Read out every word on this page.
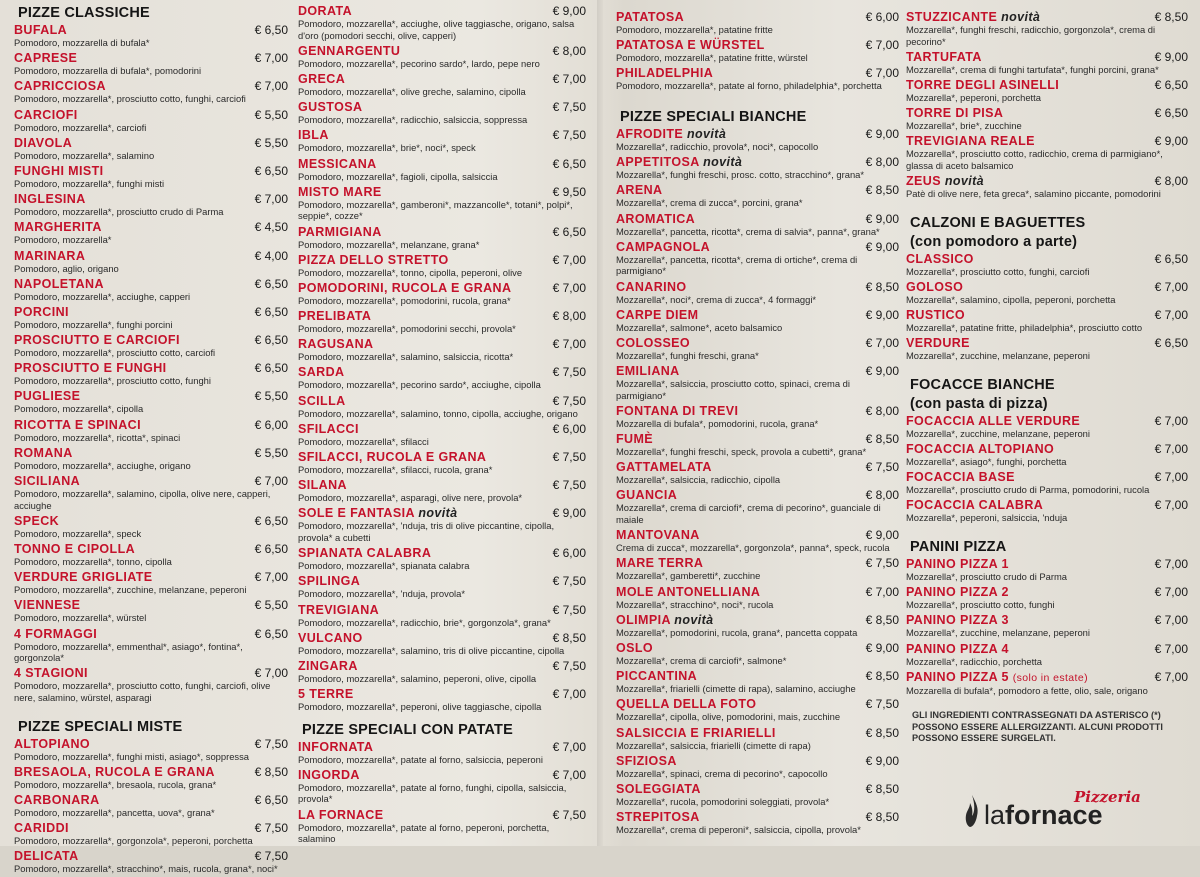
PIZZE CLASSICHE
BUFALA	€ 6,50
Pomodoro, mozzarella di bufala*
CAPRESE	€ 7,00
Pomodoro, mozzarella di bufala*, pomodorini
CAPRICCIOSA	€ 7,00
Pomodoro, mozzarella*, prosciutto cotto, funghi, carciofi
CARCIOFI	€ 5,50
Pomodoro, mozzarella*, carciofi
DIAVOLA	€ 5,50
Pomodoro, mozzarella*, salamino
FUNGHI MISTI	€ 6,50
Pomodoro, mozzarella*, funghi misti
INGLESINA	€ 7,00
Pomodoro, mozzarella*, prosciutto crudo di Parma
MARGHERITA	€ 4,50
Pomodoro, mozzarella*
MARINARA	€ 4,00
Pomodoro, aglio, origano
NAPOLETANA	€ 6,50
Pomodoro, mozzarella*, acciughe, capperi
PORCINI	€ 6,50
Pomodoro, mozzarella*, funghi porcini
PROSCIUTTO E CARCIOFI	€ 6,50
Pomodoro, mozzarella*, prosciutto cotto, carciofi
PROSCIUTTO E FUNGHI	€ 6,50
Pomodoro, mozzarella*, prosciutto cotto, funghi
PUGLIESE	€ 5,50
Pomodoro, mozzarella*, cipolla
RICOTTA E SPINACI	€ 6,00
Pomodoro, mozzarella*, ricotta*, spinaci
ROMANA	€ 5,50
Pomodoro, mozzarella*, acciughe, origano
SICILIANA	€ 7,00
Pomodoro, mozzarella*, salamino, cipolla, olive nere, capperi, acciughe
SPECK	€ 6,50
Pomodoro, mozzarella*, speck
TONNO E CIPOLLA	€ 6,50
Pomodoro, mozzarella*, tonno, cipolla
VERDURE GRIGLIATE	€ 7,00
Pomodoro, mozzarella*, zucchine, melanzane, peperoni
VIENNESE	€ 5,50
Pomodoro, mozzarella*, würstel
4 FORMAGGI	€ 6,50
Pomodoro, mozzarella*, emmenthal*, asiago*, fontina*, gorgonzola*
4 STAGIONI	€ 7,00
Pomodoro, mozzarella*, prosciutto cotto, funghi, carciofi, olive nere, salamino, würstel, asparagi
PIZZE SPECIALI MISTE
ALTOPIANO	€ 7,50
Pomodoro, mozzarella*, funghi misti, asiago*, soppressa
BRESAOLA, RUCOLA E GRANA	€ 8,50
Pomodoro, mozzarella*, bresaola, rucola, grana*
CARBONARA	€ 6,50
Pomodoro, mozzarella*, pancetta, uova*, grana*
CARIDDI	€ 7,50
Pomodoro, mozzarella*, gorgonzola*, peperoni, porchetta
DELICATA	€ 7,50
Pomodoro, mozzarella*, stracchino*, mais, rucola, grana*, noci*
DORATA	€ 9,00
Pomodoro, mozzarella*, acciughe, olive taggiasche, origano, salsa d'oro (pomodori secchi, olive, capperi)
GENNARGENTU	€ 8,00
Pomodoro, mozzarella*, pecorino sardo*, lardo, pepe nero
GRECA	€ 7,00
Pomodoro, mozzarella*, olive greche, salamino, cipolla
GUSTOSA	€ 7,50
Pomodoro, mozzarella*, radicchio, salsiccia, soppressa
IBLA	€ 7,50
Pomodoro, mozzarella*, brie*, noci*, speck
MESSICANA	€ 6,50
Pomodoro, mozzarella*, fagioli, cipolla, salsiccia
MISTO MARE	€ 9,50
Pomodoro, mozzarella*, gamberoni*, mazzancolle*, totani*, polpi*, seppie*, cozze*
PARMIGIANA	€ 6,50
Pomodoro, mozzarella*, melanzane, grana*
PIZZA DELLO STRETTO	€ 7,00
Pomodoro, mozzarella*, tonno, cipolla, peperoni, olive
POMODORINI, RUCOLA E GRANA	€ 7,00
Pomodoro, mozzarella*, pomodorini, rucola, grana*
PRELIBATA	€ 8,00
Pomodoro, mozzarella*, pomodorini secchi, provola*
RAGUSANA	€ 7,00
Pomodoro, mozzarella*, salamino, salsiccia, ricotta*
SARDA	€ 7,50
Pomodoro, mozzarella*, pecorino sardo*, acciughe, cipolla
SCILLA	€ 7,50
Pomodoro, mozzarella*, salamino, tonno, cipolla, acciughe, origano
SFILACCI	€ 6,00
Pomodoro, mozzarella*, sfilacci
SFILACCI, RUCOLA E GRANA	€ 7,50
Pomodoro, mozzarella*, sfilacci, rucola, grana*
SILANA	€ 7,50
Pomodoro, mozzarella*, asparagi, olive nere, provola*
SOLE E FANTASIA novità	€ 9,00
Pomodoro, mozzarella*, 'nduja, tris di olive piccantine, cipolla, provola* a cubetti
SPIANATA CALABRA	€ 6,00
Pomodoro, mozzarella*, spianata calabra
SPILINGA	€ 7,50
Pomodoro, mozzarella*, 'nduja, provola*
TREVIGIANA	€ 7,50
Pomodoro, mozzarella*, radicchio, brie*, gorgonzola*, grana*
VULCANO	€ 8,50
Pomodoro, mozzarella*, salamino, tris di olive piccantine, cipolla
ZINGARA	€ 7,50
Pomodoro, mozzarella*, salamino, peperoni, olive, cipolla
5 TERRE	€ 7,00
Pomodoro, mozzarella*, peperoni, olive taggiasche, cipolla
PIZZE SPECIALI CON PATATE
INFORNATA	€ 7,00
Pomodoro, mozzarella*, patate al forno, salsiccia, peperoni
INGORDA	€ 7,00
Pomodoro, mozzarella*, patate al forno, funghi, cipolla, salsiccia, provola*
LA FORNACE	€ 7,50
Pomodoro, mozzarella*, patate al forno, peperoni, porchetta, salamino
PATATOSA	€ 6,00
Pomodoro, mozzarella*, patatine fritte
PATATOSA E WÜRSTEL	€ 7,00
Pomodoro, mozzarella*, patatine fritte, würstel
PHILADELPHIA	€ 7,00
Pomodoro, mozzarella*, patate al forno, philadelphia*, porchetta
PIZZE SPECIALI BIANCHE
AFRODITE novità	€ 9,00
Mozzarella*, radicchio, provola*, noci*, capocollo
APPETITOSA novità	€ 8,00
Mozzarella*, funghi freschi, prosc. cotto, stracchino*, grana*
ARENA	€ 8,50
Mozzarella*, crema di zucca*, porcini, grana*
AROMATICA	€ 9,00
Mozzarella*, pancetta, ricotta*, crema di salvia*, panna*, grana*
CAMPAGNOLA	€ 9,00
Mozzarella*, pancetta, ricotta*, crema di ortiche*, crema di parmigiano*
CANARINO	€ 8,50
Mozzarella*, noci*, crema di zucca*, 4 formaggi*
CARPE DIEM	€ 9,00
Mozzarella*, salmone*, aceto balsamico
COLOSSEO	€ 7,00
Mozzarella*, funghi freschi, grana*
EMILIANA	€ 9,00
Mozzarella*, salsiccia, prosciutto cotto, spinaci, crema di parmigiano*
FONTANA DI TREVI	€ 8,00
Mozzarella di bufala*, pomodorini, rucola, grana*
FUMÈ	€ 8,50
Mozzarella*, funghi freschi, speck, provola a cubetti*, grana*
GATTAMELATA	€ 7,50
Mozzarella*, salsiccia, radicchio, cipolla
GUANCIA	€ 8,00
Mozzarella*, crema di carciofi*, crema di pecorino*, guanciale di maiale
MANTOVANA	€ 9,00
Crema di zucca*, mozzarella*, gorgonzola*, panna*, speck, rucola
MARE TERRA	€ 7,50
Mozzarella*, gamberetti*, zucchine
MOLE ANTONELLIANA	€ 7,00
Mozzarella*, stracchino*, noci*, rucola
OLIMPIA novità	€ 8,50
Mozzarella*, pomodorini, rucola, grana*, pancetta coppata
OSLO	€ 9,00
Mozzarella*, crema di carciofi*, salmone*
PICCANTINA	€ 8,50
Mozzarella*, friarielli (cimette di rapa), salamino, acciughe
QUELLA DELLA FOTO	€ 7,50
Mozzarella*, cipolla, olive, pomodorini, mais, zucchine
SALSICCIA E FRIARIELLI	€ 8,50
Mozzarella*, salsiccia, friarielli (cimette di rapa)
SFIZIOSA	€ 9,00
Mozzarella*, spinaci, crema di pecorino*, capocollo
SOLEGGIATA	€ 8,50
Mozzarella*, rucola, pomodorini soleggiati, provola*
STREPITOSA	€ 8,50
Mozzarella*, crema di peperoni*, salsiccia, cipolla, provola*
STUZZICANTE novità	€ 8,50
Mozzarella*, funghi freschi, radicchio, gorgonzola*, crema di pecorino*
TARTUFATA	€ 9,00
Mozzarella*, crema di funghi tartufata*, funghi porcini, grana*
TORRE DEGLI ASINELLI	€ 6,50
Mozzarella*, peperoni, porchetta
TORRE DI PISA	€ 6,50
Mozzarella*, brie*, zucchine
TREVIGIANA REALE	€ 9,00
Mozzarella*, prosciutto cotto, radicchio, crema di parmigiano*, glassa di aceto balsamico
ZEUS novità	€ 8,00
Patè di olive nere, feta greca*, salamino piccante, pomodorini
CALZONI E BAGUETTES
(con pomodoro a parte)
CLASSICO	€ 6,50
Mozzarella*, prosciutto cotto, funghi, carciofi
GOLOSO	€ 7,00
Mozzarella*, salamino, cipolla, peperoni, porchetta
RUSTICO	€ 7,00
Mozzarella*, patatine fritte, philadelphia*, prosciutto cotto
VERDURE	€ 6,50
Mozzarella*, zucchine, melanzane, peperoni
FOCACCE BIANCHE
(con pasta di pizza)
FOCACCIA ALLE VERDURE	€ 7,00
Mozzarella*, zucchine, melanzane, peperoni
FOCACCIA ALTOPIANO	€ 7,00
Mozzarella*, asiago*, funghi, porchetta
FOCACCIA BASE	€ 7,00
Mozzarella*, prosciutto crudo di Parma, pomodorini, rucola
FOCACCIA CALABRA	€ 7,00
Mozzarella*, peperoni, salsiccia, 'nduja
PANINI PIZZA
PANINO PIZZA 1	€ 7,00
Mozzarella*, prosciutto crudo di Parma
PANINO PIZZA 2	€ 7,00
Mozzarella*, prosciutto cotto, funghi
PANINO PIZZA 3	€ 7,00
Mozzarella*, zucchine, melanzane, peperoni
PANINO PIZZA 4	€ 7,00
Mozzarella*, radicchio, porchetta
PANINO PIZZA 5 (solo in estate)	€ 7,00
Mozzarella di bufala*, pomodoro a fette, olio, sale, origano
GLI INGREDIENTI CONTRASSEGNATI DA ASTERISCO (*) POSSONO ESSERE ALLERGIZZANTI. ALCUNI PRODOTTI POSSONO ESSERE SURGELATI.
Pizzeria
lafornace
